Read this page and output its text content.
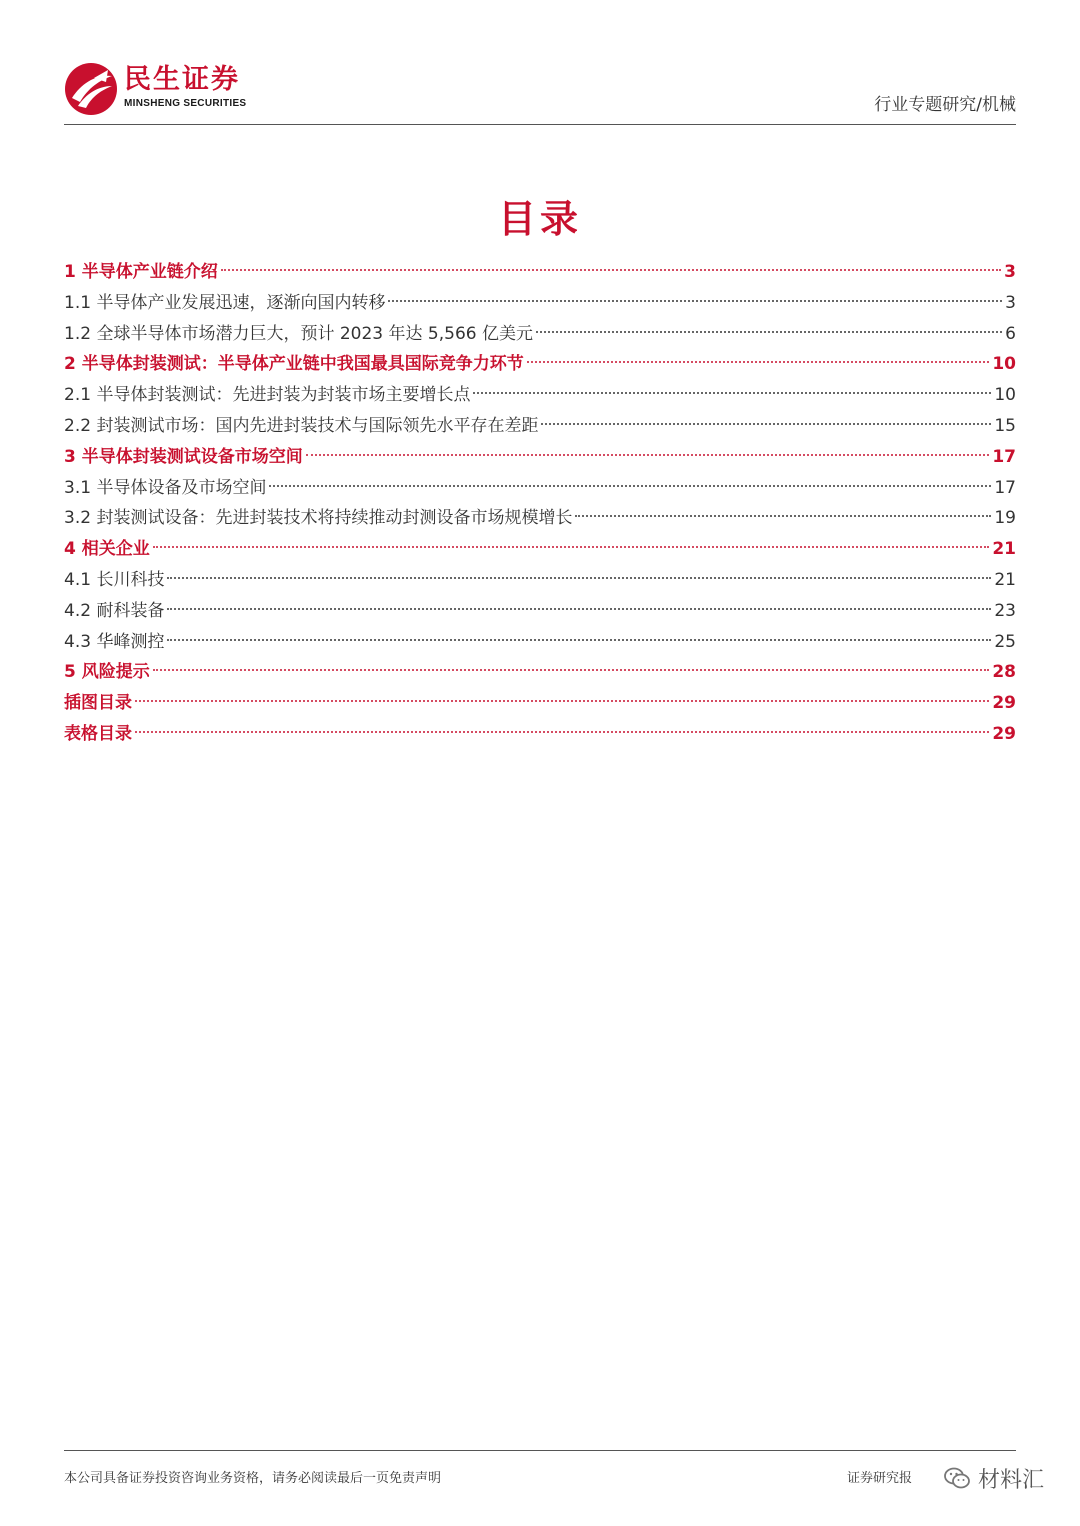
民生证券
MINSHENG SECURITIES	行业专题研究/机械
目录
1 半导体产业链介绍	3
1.1 半导体产业发展迅速，逐渐向国内转移	3
1.2 全球半导体市场潜力巨大，预计 2023 年达 5,566 亿美元	6
2 半导体封装测试：半导体产业链中我国最具国际竞争力环节	10
2.1 半导体封装测试：先进封装为封装市场主要增长点	10
2.2 封装测试市场：国内先进封装技术与国际领先水平存在差距	15
3 半导体封装测试设备市场空间	17
3.1 半导体设备及市场空间	17
3.2 封装测试设备：先进封装技术将持续推动封测设备市场规模增长	19
4 相关企业	21
4.1 长川科技	21
4.2 耐科装备	23
4.3 华峰测控	25
5 风险提示	28
插图目录	29
表格目录	29
本公司具备证券投资咨询业务资格，请务必阅读最后一页免责声明	证券研究报	材料汇
